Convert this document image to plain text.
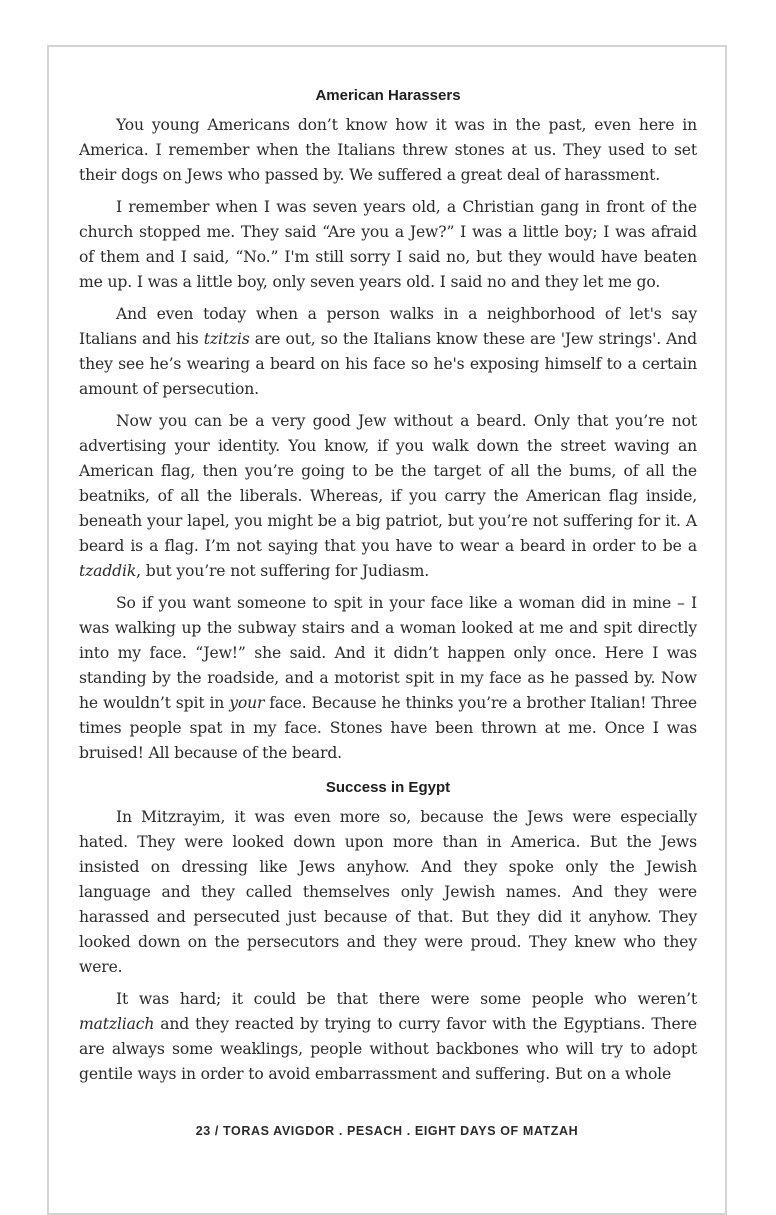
American Harassers

You young Americans don’t know how it was in the past, even here in America. I remember when the Italians threw stones at us. They used to set their dogs on Jews who passed by. We suffered a great deal of harassment.

I remember when I was seven years old, a Christian gang in front of the church stopped me. They said “Are you a Jew?” I was a little boy; I was afraid of them and I said, “No.” I'm still sorry I said no, but they would have beaten me up. I was a little boy, only seven years old. I said no and they let me go.

And even today when a person walks in a neighborhood of let's say Italians and his tzitzis are out, so the Italians know these are 'Jew strings'. And they see he’s wearing a beard on his face so he's exposing himself to a certain amount of persecution.

Now you can be a very good Jew without a beard. Only that you’re not advertising your identity. You know, if you walk down the street waving an American flag, then you’re going to be the target of all the bums, of all the beatniks, of all the liberals. Whereas, if you carry the American flag inside, beneath your lapel, you might be a big patriot, but you’re not suffering for it. A beard is a flag. I’m not saying that you have to wear a beard in order to be a tzaddik, but you’re not suffering for Judiasm.

So if you want someone to spit in your face like a woman did in mine – I was walking up the subway stairs and a woman looked at me and spit directly into my face. “Jew!” she said. And it didn’t happen only once. Here I was standing by the roadside, and a motorist spit in my face as he passed by. Now he wouldn’t spit in your face. Because he thinks you’re a brother Italian! Three times people spat in my face. Stones have been thrown at me. Once I was bruised! All because of the beard.

Success in Egypt

In Mitzrayim, it was even more so, because the Jews were especially hated. They were looked down upon more than in America. But the Jews insisted on dressing like Jews anyhow. And they spoke only the Jewish language and they called themselves only Jewish names. And they were harassed and persecuted just because of that. But they did it anyhow. They looked down on the persecutors and they were proud. They knew who they were.

It was hard; it could be that there were some people who weren’t matzliach and they reacted by trying to curry favor with the Egyptians. There are always some weaklings, people without backbones who will try to adopt gentile ways in order to avoid embarrassment and suffering. But on a whole

23 / TORAS AVIGDOR . PESACH . EIGHT DAYS OF MATZAH
